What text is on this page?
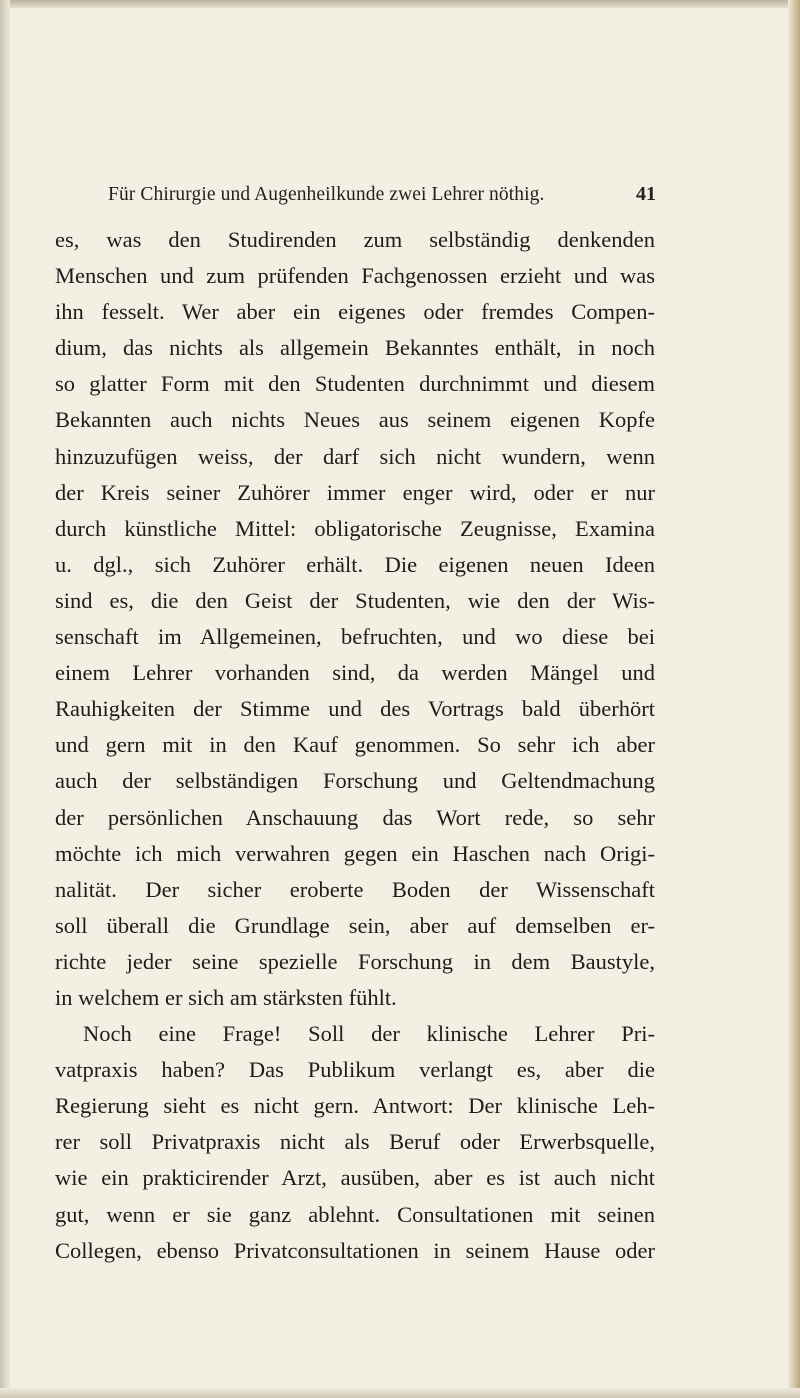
Für Chirurgie und Augenheilkunde zwei Lehrer nöthig.	41
es, was den Studirenden zum selbständig denkenden
Menschen und zum prüfenden Fachgenossen erzieht und was
ihn fesselt. Wer aber ein eigenes oder fremdes Compen-
dium, das nichts als allgemein Bekanntes enthält, in noch
so glatter Form mit den Studenten durchnimmt und diesem
Bekannten auch nichts Neues aus seinem eigenen Kopfe
hinzuzufügen weiss, der darf sich nicht wundern, wenn
der Kreis seiner Zuhörer immer enger wird, oder er nur
durch künstliche Mittel: obligatorische Zeugnisse, Examina
u. dgl., sich Zuhörer erhält. Die eigenen neuen Ideen
sind es, die den Geist der Studenten, wie den der Wis-
senschaft im Allgemeinen, befruchten, und wo diese bei
einem Lehrer vorhanden sind, da werden Mängel und
Rauhigkeiten der Stimme und des Vortrags bald überhört
und gern mit in den Kauf genommen. So sehr ich aber
auch der selbständigen Forschung und Geltendmachung
der persönlichen Anschauung das Wort rede, so sehr
möchte ich mich verwahren gegen ein Haschen nach Origi-
nalität. Der sicher eroberte Boden der Wissenschaft
soll überall die Grundlage sein, aber auf demselben er-
richte jeder seine spezielle Forschung in dem Baustyle,
in welchem er sich am stärksten fühlt.
Noch eine Frage! Soll der klinische Lehrer Pri-
vatpraxis haben? Das Publikum verlangt es, aber die
Regierung sieht es nicht gern. Antwort: Der klinische Leh-
rer soll Privatpraxis nicht als Beruf oder Erwerbsquelle,
wie ein prakticirender Arzt, ausüben, aber es ist auch nicht
gut, wenn er sie ganz ablehnt. Consultationen mit seinen
Collegen, ebenso Privatconsultationen in seinem Hause oder
